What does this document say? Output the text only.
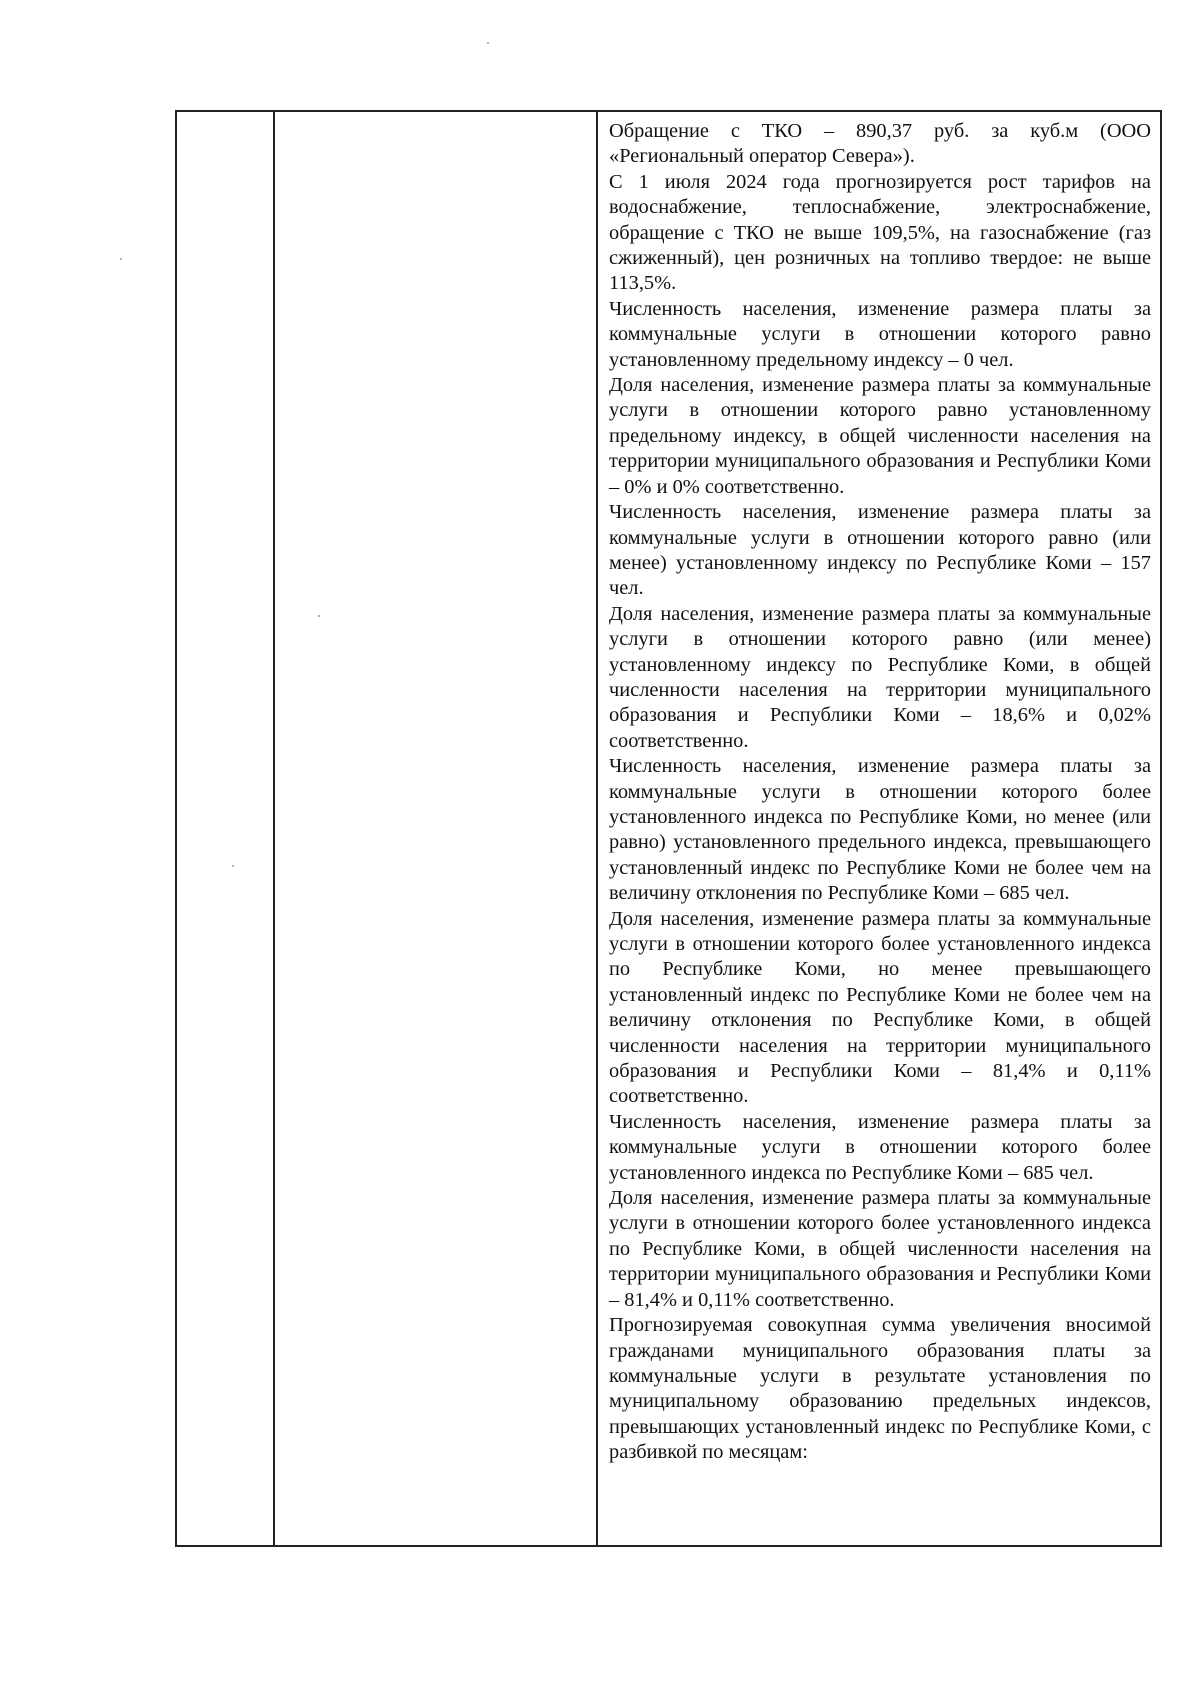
Обращение с ТКО – 890,37 руб. за куб.м (ООО «Региональный оператор Севера»).

С 1 июля 2024 года прогнозируется рост тарифов на водоснабжение, теплоснабжение, электроснабжение, обращение с ТКО не выше 109,5%, на газоснабжение (газ сжиженный), цен розничных на топливо твердое: не выше 113,5%.

Численность населения, изменение размера платы за коммунальные услуги в отношении которого равно установленному предельному индексу – 0 чел.

Доля населения, изменение размера платы за коммунальные услуги в отношении которого равно установленному предельному индексу, в общей численности населения на территории муниципального образования и Республики Коми – 0% и 0% соответственно.

Численность населения, изменение размера платы за коммунальные услуги в отношении которого равно (или менее) установленному индексу по Республике Коми – 157 чел.

Доля населения, изменение размера платы за коммунальные услуги в отношении которого равно (или менее) установленному индексу по Республике Коми, в общей численности населения на территории муниципального образования и Республики Коми – 18,6% и 0,02% соответственно.

Численность населения, изменение размера платы за коммунальные услуги в отношении которого более установленного индекса по Республике Коми, но менее (или равно) установленного предельного индекса, превышающего установленный индекс по Республике Коми не более чем на величину отклонения по Республике Коми – 685 чел.

Доля населения, изменение размера платы за коммунальные услуги в отношении которого более установленного индекса по Республике Коми, но менее превышающего установленный индекс по Республике Коми не более чем на величину отклонения по Республике Коми, в общей численности населения на территории муниципального образования и Республики Коми – 81,4% и 0,11% соответственно.

Численность населения, изменение размера платы за коммунальные услуги в отношении которого более установленного индекса по Республике Коми – 685 чел.

Доля населения, изменение размера платы за коммунальные услуги в отношении которого более установленного индекса по Республике Коми, в общей численности населения на территории муниципального образования и Республики Коми – 81,4% и 0,11% соответственно.

Прогнозируемая совокупная сумма увеличения вносимой гражданами муниципального образования платы за коммунальные услуги в результате установления по муниципальному образованию предельных индексов, превышающих установленный индекс по Республике Коми, с разбивкой по месяцам:
